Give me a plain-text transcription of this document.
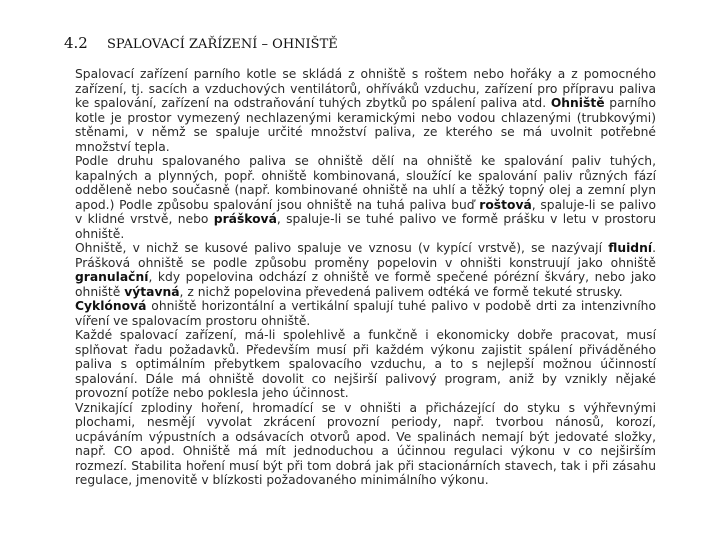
4.2	SPALOVACÍ ZAŘÍZENÍ – OHNIŠTĚ

Spalovací zařízení parního kotle se skládá z ohniště s roštem nebo hořáky a z pomocného zařízení, tj. sacích a vzduchových ventilátorů, ohříváků vzduchu, zařízení pro přípravu paliva ke spalování, zařízení na odstraňování tuhých zbytků po spálení paliva atd. Ohniště parního kotle je prostor vymezený nechlazenými keramickými nebo vodou chlazenými (trubkovými) stěnami, v němž se spaluje určité množství paliva, ze kterého se má uvolnit potřebné množství tepla.

Podle druhu spalovaného paliva se ohniště dělí na ohniště ke spalování paliv tuhých, kapalných a plynných, popř. ohniště kombinovaná, sloužící ke spalování paliv různých fází odděleně nebo současně (např. kombinované ohniště na uhlí a těžký topný olej a zemní plyn apod.) Podle způsobu spalování jsou ohniště na tuhá paliva buď roštová, spaluje-li se palivo v klidné vrstvě, nebo prášková, spaluje-li se tuhé palivo ve formě prášku v letu v prostoru ohniště.

Ohniště, v nichž se kusové palivo spaluje ve vznosu (v kypící vrstvě), se nazývají fluidní. Prášková ohniště se podle způsobu proměny popelovin v ohništi konstruují jako ohniště granulační, kdy popelovina odchází z ohniště ve formě spečené pórézní škváry, nebo jako ohniště výtavná, z nichž popelovina převedená palivem odtéká ve formě tekuté strusky.

Cyklónová ohniště horizontální a vertikální spalují tuhé palivo v podobě drti za intenzivního víření ve spalovacím prostoru ohniště.

Každé spalovací zařízení, má-li spolehlivě a funkčně i ekonomicky dobře pracovat, musí splňovat řadu požadavků. Především musí při každém výkonu zajistit spálení přiváděného paliva s optimálním přebytkem spalovacího vzduchu, a to s nejlepší možnou účinností spalování. Dále má ohniště dovolit co nejširší palivový program, aniž by vznikly nějaké provozní potíže nebo poklesla jeho účinnost.

Vznikající zplodiny hoření, hromadící se v ohništi a přicházející do styku s výhřevnými plochami, nesmějí vyvolat zkrácení provozní periody, např. tvorbou nánosů, korozí, ucpáváním výpustních a odsávacích otvorů apod. Ve spalinách nemají být jedovaté složky, např. CO apod. Ohniště má mít jednoduchou a účinnou regulaci výkonu v co nejširším rozmezí. Stabilita hoření musí být při tom dobrá jak při stacionárních stavech, tak i při zásahu regulace, jmenovitě v blízkosti požadovaného minimálního výkonu.
